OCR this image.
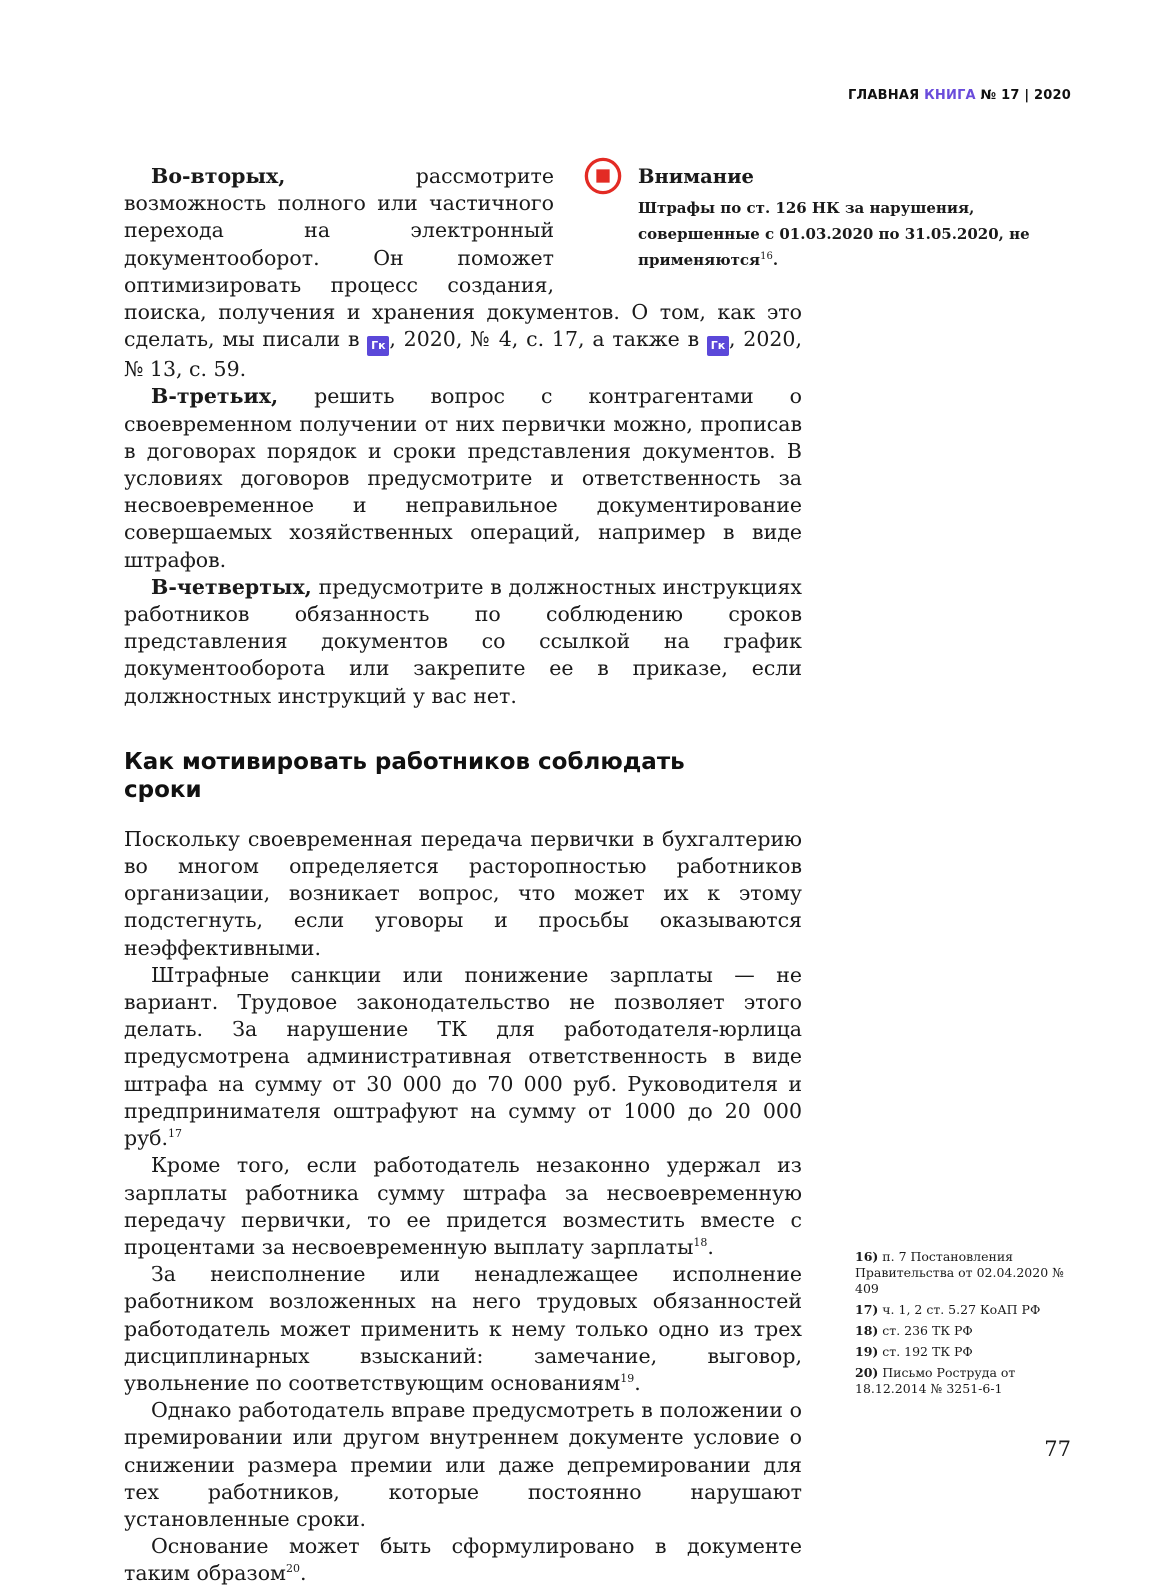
ГЛАВНАЯ КНИГА № 17 | 2020
Внимание
Штрафы по ст. 126 НК за нарушения, совершенные с 01.03.2020 по 31.05.2020, не применяются$^{16}$.

Во-вторых, рассмотрите возможность полного или частичного перехода на электронный документооборот. Он поможет оптимизировать процесс создания, поиска, получения и хранения документов. О том, как это сделать, мы писали в Гк , 2020, № 4, с. 17, а также в Гк , 2020, № 13, с. 59.

В-третьих, решить вопрос с контрагентами о своевременном получении от них первички можно, прописав в договорах порядок и сроки представления документов. В условиях договоров предусмотрите и ответственность за несвоевременное и неправильное документирование совершаемых хозяйственных операций, например в виде штрафов.

В-четвертых, предусмотрите в должностных инструкциях работников обязанность по соблюдению сроков представления документов со ссылкой на график документооборота или закрепите ее в приказе, если должностных инструкций у вас нет.

Как мотивировать работников соблюдать сроки

Поскольку своевременная передача первички в бухгалтерию во многом определяется расторопностью работников организации, возникает вопрос, что может их к этому подстегнуть, если уговоры и просьбы оказываются неэффективными.

Штрафные санкции или понижение зарплаты — не вариант. Трудовое законодательство не позволяет этого делать. За нарушение ТК для работодателя-юрлица предусмотрена административная ответственность в виде штрафа на сумму от 30 000 до 70 000 руб. Руководителя и предпринимателя оштрафуют на сумму от 1000 до 20 000 руб.$^{17}$

Кроме того, если работодатель незаконно удержал из зарплаты работника сумму штрафа за несвоевременную передачу первички, то ее придется возместить вместе с процентами за несвоевременную выплату зарплаты$^{18}$.

За неисполнение или ненадлежащее исполнение работником возложенных на него трудовых обязанностей работодатель может применить к нему только одно из трех дисциплинарных взысканий: замечание, выговор, увольнение по соответствующим основаниям$^{19}$.

Однако работодатель вправе предусмотреть в положении о премировании или другом внутреннем документе условие о снижении размера премии или даже депремировании для тех работников, которые постоянно нарушают установленные сроки.

Основание может быть сформулировано в документе таким образом$^{20}$.

16) п. 7 Постановления Правительства от 02.04.2020 № 409
17) ч. 1, 2 ст. 5.27 КоАП РФ
18) ст. 236 ТК РФ
19) ст. 192 ТК РФ
20) Письмо Роструда от 18.12.2014 № 3251-6-1
77
